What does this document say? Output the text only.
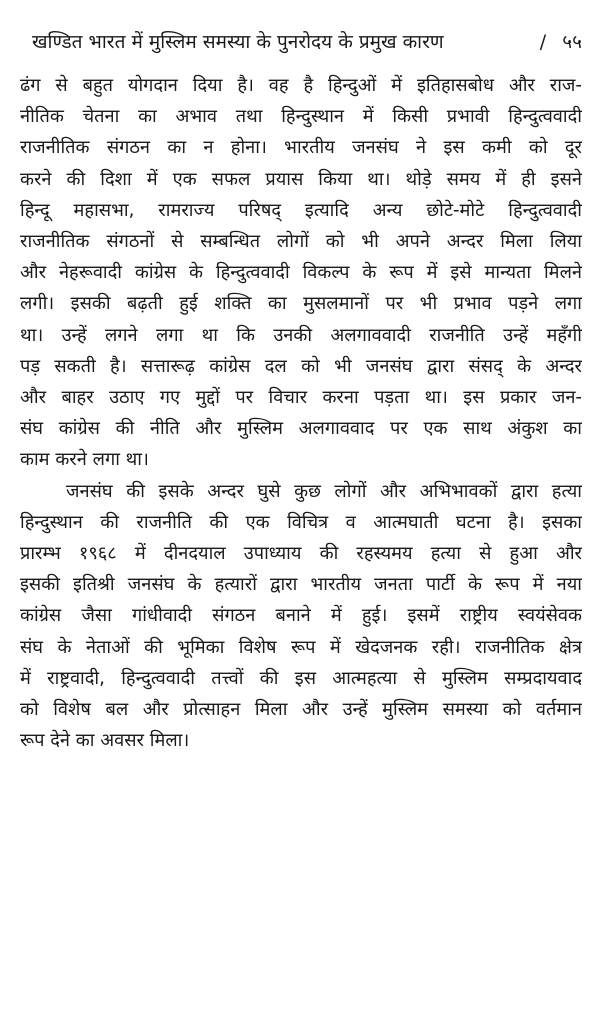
खण्डित भारत में मुस्लिम समस्या के पुनरोदय के प्रमुख कारण	/ ५५

ढंग से बहुत योगदान दिया है। वह है हिन्दुओं में इतिहासबोध और राज-
नीतिक चेतना का अभाव तथा हिन्दुस्थान में किसी प्रभावी हिन्दुत्ववादी
राजनीतिक संगठन का न होना। भारतीय जनसंघ ने इस कमी को दूर
करने की दिशा में एक सफल प्रयास किया था। थोड़े समय में ही इसने
हिन्दू महासभा, रामराज्य परिषद् इत्यादि अन्य छोटे-मोटे हिन्दुत्ववादी
राजनीतिक संगठनों से सम्बन्धित लोगों को भी अपने अन्दर मिला लिया
और नेहरूवादी कांग्रेस के हिन्दुत्ववादी विकल्प के रूप में इसे मान्यता मिलने
लगी। इसकी बढ़ती हुई शक्ति का मुसलमानों पर भी प्रभाव पड़ने लगा
था। उन्हें लगने लगा था कि उनकी अलगाववादी राजनीति उन्हें महँगी
पड़ सकती है। सत्तारूढ़ कांग्रेस दल को भी जनसंघ द्वारा संसद् के अन्दर
और बाहर उठाए गए मुद्दों पर विचार करना पड़ता था। इस प्रकार जन-
संघ कांग्रेस की नीति और मुस्लिम अलगाववाद पर एक साथ अंकुश का
काम करने लगा था।

जनसंघ की इसके अन्दर घुसे कुछ लोगों और अभिभावकों द्वारा हत्या
हिन्दुस्थान की राजनीति की एक विचित्र व आत्मघाती घटना है। इसका
प्रारम्भ १९६८ में दीनदयाल उपाध्याय की रहस्यमय हत्या से हुआ और
इसकी इतिश्री जनसंघ के हत्यारों द्वारा भारतीय जनता पार्टी के रूप में नया
कांग्रेस जैसा गांधीवादी संगठन बनाने में हुई। इसमें राष्ट्रीय स्वयंसेवक
संघ के नेताओं की भूमिका विशेष रूप में खेदजनक रही। राजनीतिक क्षेत्र
में राष्ट्रवादी, हिन्दुत्ववादी तत्त्वों की इस आत्महत्या से मुस्लिम सम्प्रदायवाद
को विशेष बल और प्रोत्साहन मिला और उन्हें मुस्लिम समस्या को वर्तमान
रूप देने का अवसर मिला।
